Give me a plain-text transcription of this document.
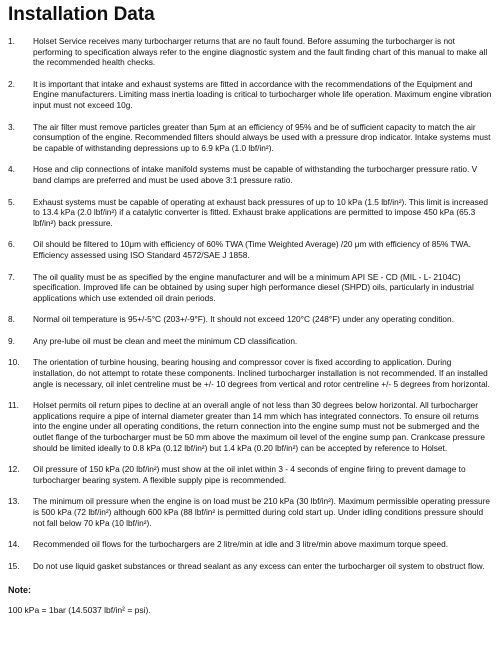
Installation Data
1.	Holset Service receives many turbocharger returns that are no fault found. Before assuming the turbocharger is not performing to specification always refer to the engine diagnostic system and the fault finding chart of this manual to make all the recommended health checks.
2.	It is important that intake and exhaust systems are fitted in accordance with the recommendations of the Equipment and Engine manufacturers. Limiting mass inertia loading is critical to turbocharger whole life operation. Maximum engine vibration input must not exceed 10g.
3.	The air filter must remove particles greater than 5μm at an efficiency of 95% and be of sufficient capacity to match the air consumption of the engine. Recommended filters should always be used with a pressure drop indicator. Intake systems must be capable of withstanding depressions up to 6.9 kPa (1.0 lbf/in²).
4.	Hose and clip connections of intake manifold systems must be capable of withstanding the turbocharger pressure ratio. V band clamps are preferred and must be used above 3:1 pressure ratio.
5.	Exhaust systems must be capable of operating at exhaust back pressures of up to 10 kPa (1.5 lbf/in²). This limit is increased to 13.4 kPa (2.0 lbf/in²) if a catalytic converter is fitted. Exhaust brake applications are permitted to impose 450 kPa (65.3 lbf/in²) back pressure.
6.	Oil should be filtered to 10μm with efficiency of 60% TWA (Time Weighted Average) /20 μm with efficiency of 85% TWA. Efficiency assessed using ISO Standard 4572/SAE J 1858.
7.	The oil quality must be as specified by the engine manufacturer and will be a minimum API SE - CD (MIL - L- 2104C) specification. Improved life can be obtained by using super high performance diesel (SHPD) oils, particularly in industrial applications which use extended oil drain periods.
8.	Normal oil temperature is 95+/-5°C (203+/-9°F). It should not exceed 120°C (248°F) under any operating condition.
9.	Any pre-lube oil must be clean and meet the minimum CD classification.
10.	The orientation of turbine housing, bearing housing and compressor cover is fixed according to application. During installation, do not attempt to rotate these components. Inclined turbocharger installation is not recommended. If an installed angle is necessary, oil inlet centreline must be +/- 10 degrees from vertical and rotor centreline +/- 5 degrees from horizontal.
11.	Holset permits oil return pipes to decline at an overall angle of not less than 30 degrees below horizontal. All turbocharger applications require a pipe of internal diameter greater than 14 mm which has integrated connectors. To ensure oil returns into the engine under all operating conditions, the return connection into the engine sump must not be submerged and the outlet flange of the turbocharger must be 50 mm above the maximum oil level of the engine sump pan. Crankcase pressure should be limited ideally to 0.8 kPa (0.12 lbf/in²) but 1.4 kPa (0.20 lbf/in²) can be accepted by reference to Holset.
12.	Oil pressure of 150 kPa (20 lbf/in²) must show at the oil inlet within 3 - 4 seconds of engine firing to prevent damage to turbocharger bearing system. A flexible supply pipe is recommended.
13.	The minimum oil pressure when the engine is on load must be 210 kPa (30 lbf/in²). Maximum permissible operating pressure is 500 kPa (72 lbf/in²) although 600 kPa (88 lbf/in² is permitted during cold start up. Under idling conditions pressure should not fall below 70 kPa (10 lbf/in²).
14.	Recommended oil flows for the turbochargers are 2 litre/min at idle and 3 litre/min above maximum torque speed.
15.	Do not use liquid gasket substances or thread sealant as any excess can enter the turbocharger oil system to obstruct flow.
Note:
100 kPa = 1bar (14.5037 lbf/in² = psi).
